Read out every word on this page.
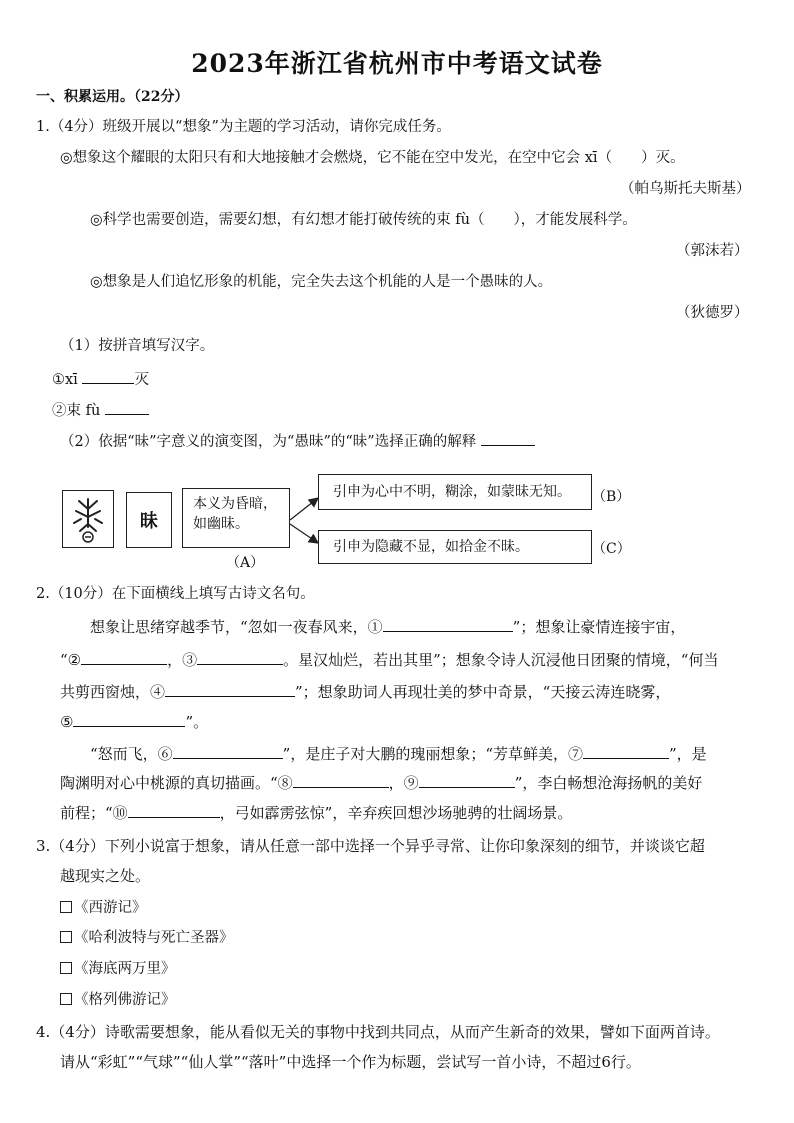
2023年浙江省杭州市中考语文试卷
一、积累运用。（22分）
1.（4分）班级开展以“想象”为主题的学习活动，请你完成任务。
◎想象这个耀眼的太阳只有和大地接触才会燃烧，它不能在空中发光，在空中它会 xī（　　）灭。
（帕乌斯托夫斯基）
◎科学也需要创造，需要幻想，有幻想才能打破传统的束 fù（　　），才能发展科学。
（郭沫若）
◎想象是人们追忆形象的机能，完全失去这个机能的人是一个愚昧的人。
（狄德罗）
（1）按拼音填写汉字。
①xī	灭
②束 fù
（2）依据“昧”字意义的演变图，为“愚昧”的“昧”选择正确的解释
昧
本义为昏暗，
如幽昧。
（A）
引申为心中不明，糊涂，如蒙昧无知。	（B）
引申为隐藏不显，如拾金不昧。	（C）
2.（10分）在下面横线上填写古诗文名句。
想象让思绪穿越季节，“忽如一夜春风来，①	”；想象让豪情连接宇宙，
“②	，③	。星汉灿烂，若出其里”；想象令诗人沉浸他日团聚的情境，“何当
共剪西窗烛，④	”；想象助词人再现壮美的梦中奇景，“天接云涛连晓雾，
⑤	”。
“怒而飞，⑥	”，是庄子对大鹏的瑰丽想象；“芳草鲜美，⑦	”，是
陶渊明对心中桃源的真切描画。“⑧	，⑨	”，李白畅想沧海扬帆的美好
前程；“⑩	，弓如霹雳弦惊”，辛弃疾回想沙场驰骋的壮阔场景。
3.（4分）下列小说富于想象，请从任意一部中选择一个异乎寻常、让你印象深刻的细节，并谈谈它超
越现实之处。
《西游记》
《哈利波特与死亡圣器》
《海底两万里》
《格列佛游记》
4.（4分）诗歌需要想象，能从看似无关的事物中找到共同点，从而产生新奇的效果，譬如下面两首诗。
请从“彩虹”“气球”“仙人掌”“落叶”中选择一个作为标题，尝试写一首小诗，不超过6行。
